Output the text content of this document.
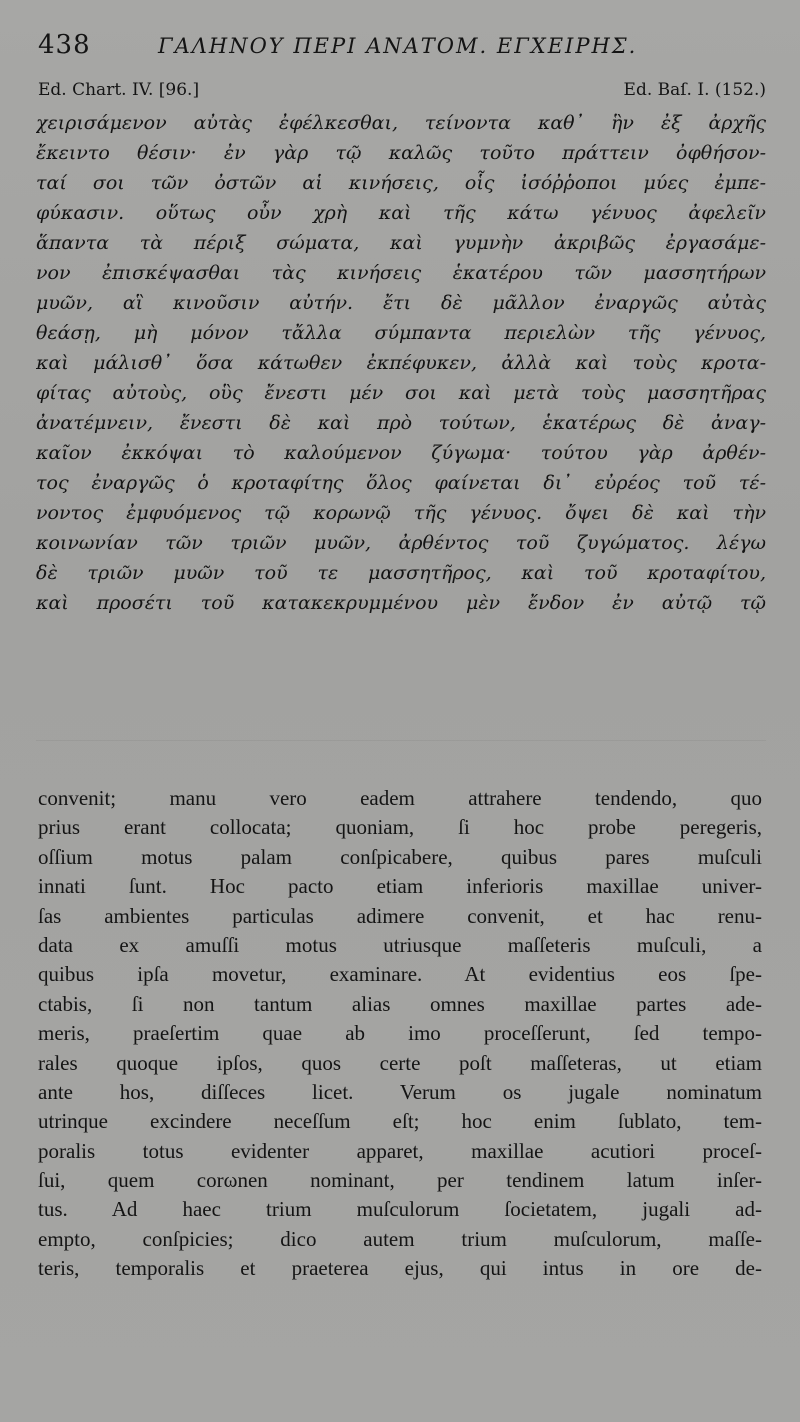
438	ΓΑΛΗΝΟΥ ΠΕΡΙ ΑΝΑΤΟΜ. ΕΓΧΕΙΡΗΣ.
Ed. Chart. IV. [96.]	Ed. Baſ. I. (152.)
χειρισάμενον αὐτὰς ἐφέλκεσθαι, τείνοντα καθ᾽ ἣν ἐξ ἀρχῆς
ἔκειντο θέσιν· ἐν γὰρ τῷ καλῶς τοῦτο πράττειν ὀφθήσον-
ταί σοι τῶν ὀστῶν αἱ κινήσεις, οἷς ἰσόῤῥοποι μύες ἐμπε-
φύκασιν. οὕτως οὖν χρὴ καὶ τῆς κάτω γένυος ἀφελεῖν
ἅπαντα τὰ πέριξ σώματα, καὶ γυμνὴν ἀκριβῶς ἐργασάμε-
νον ἐπισκέψασθαι τὰς κινήσεις ἑκατέρου τῶν μασσητήρων
μυῶν, αἳ κινοῦσιν αὐτήν. ἔτι δὲ μᾶλλον ἐναργῶς αὐτὰς
θεάσῃ, μὴ μόνον τἄλλα σύμπαντα περιελὼν τῆς γένυος,
καὶ μάλισθ᾽ ὅσα κάτωθεν ἐκπέφυκεν, ἀλλὰ καὶ τοὺς κροτα-
φίτας αὐτοὺς, οὓς ἔνεστι μέν σοι καὶ μετὰ τοὺς μασσητῆρας
ἀνατέμνειν, ἔνεστι δὲ καὶ πρὸ τούτων, ἑκατέρως δὲ ἀναγ-
καῖον ἐκκόψαι τὸ καλούμενον ζύγωμα· τούτου γὰρ ἀρθέν-
τος ἐναργῶς ὁ κροταφίτης ὅλος φαίνεται δι᾽ εὐρέος τοῦ τέ-
νοντος ἐμφυόμενος τῷ κορωνῷ τῆς γένυος. ὄψει δὲ καὶ τὴν
κοινωνίαν τῶν τριῶν μυῶν, ἀρθέντος τοῦ ζυγώματος. λέγω
δὲ τριῶν μυῶν τοῦ τε μασσητῆρος, καὶ τοῦ κροταφίτου,
καὶ προσέτι τοῦ κατακεκρυμμένου μὲν ἔνδον ἐν αὐτῷ τῷ
convenit; manu vero eadem attrahere tendendo, quo
prius erant collocata; quoniam, ſi hoc probe peregeris,
oſſium motus palam conſpicabere, quibus pares muſculi
innati ſunt. Hoc pacto etiam inferioris maxillae univer-
ſas ambientes particulas adimere convenit, et hac renu-
data ex amuſſi motus utriusque maſſeteris muſculi, a
quibus ipſa movetur, examinare. At evidentius eos ſpe-
ctabis, ſi non tantum alias omnes maxillae partes ade-
meris, praeſertim quae ab imo proceſſerunt, ſed tempo-
rales quoque ipſos, quos certe poſt maſſeteras, ut etiam
ante hos, diſſeces licet. Verum os jugale nominatum
utrinque excindere neceſſum eſt; hoc enim ſublato, tem-
poralis totus evidenter apparet, maxillae acutiori proceſ-
ſui, quem corωnen nominant, per tendinem latum inſer-
tus. Ad haec trium muſculorum ſocietatem, jugali ad-
empto, conſpicies; dico autem trium muſculorum, maſſe-
teris, temporalis et praeterea ejus, qui intus in ore de-
